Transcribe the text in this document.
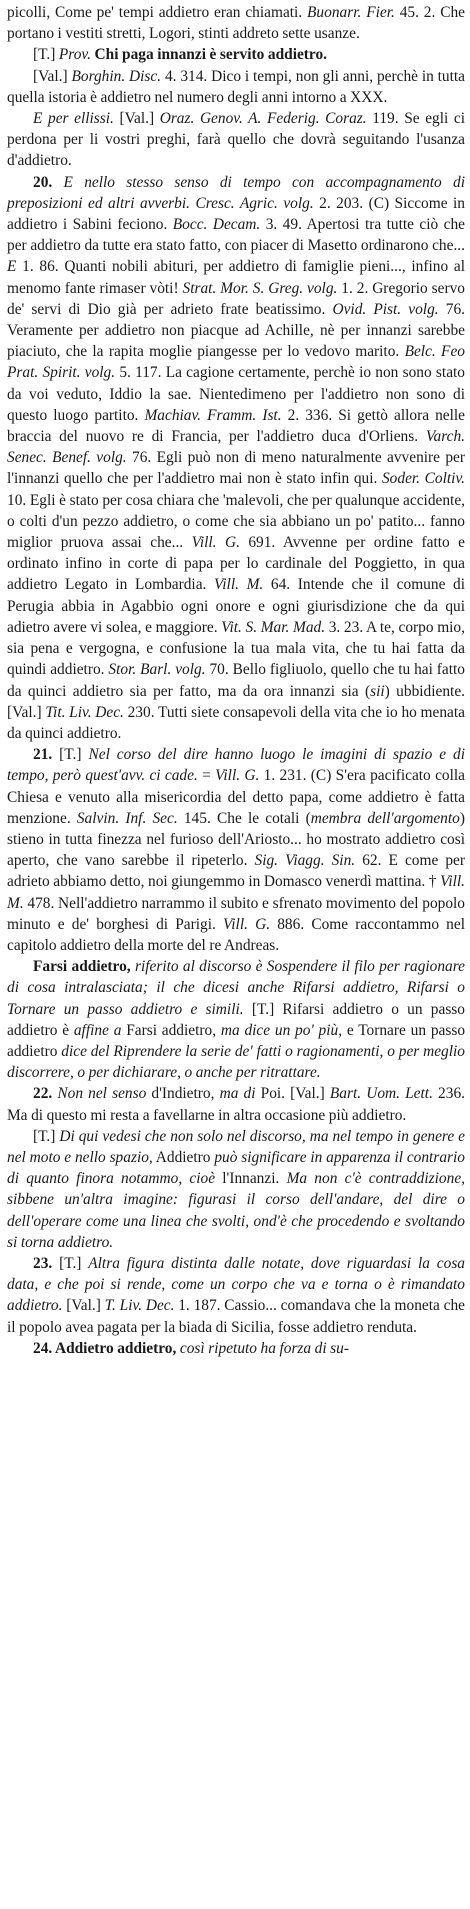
picolli, Come pe' tempi addietro eran chiamati. Buonarr. Fier. 45. 2. Che portano i vestiti stretti, Logori, stinti addreto sette usanze.

[T.] Prov. Chi paga innanzi è servito addietro.

[Val.] Borghin. Disc. 4. 314. Dico i tempi, non gli anni, perchè in tutta quella istoria è addietro nel numero degli anni intorno a XXX.

E per ellissi. [Val.] Oraz. Genov. A. Federig. Coraz. 119. Se egli ci perdona per li vostri preghi, farà quello che dovrà seguitando l'usanza d'addietro.

20. E nello stesso senso di tempo con accompagnamento di preposizioni ed altri avverbi. Cresc. Agric. volg. 2. 203. (C) Siccome in addietro i Sabini feciono. Bocc. Decam. 3. 49. Apertosi tra tutte ciò che per addietro da tutte era stato fatto, con piacer di Masetto ordinarono che... E 1. 86. Quanti nobili abituri, per addietro di famiglie pieni..., infino al menomo fante rimaser vòti! Strat. Mor. S. Greg. volg. 1. 2. Gregorio servo de' servi di Dio già per adrieto frate beatissimo. Ovid. Pist. volg. 76. Veramente per addietro non piacque ad Achille, nè per innanzi sarebbe piaciuto, che la rapita moglie piangesse per lo vedovo marito. Belc. Feo Prat. Spirit. volg. 5. 117. La cagione certamente, perchè io non sono stato da voi veduto, Iddio la sae. Nientedimeno per l'addietro non sono di questo luogo partito. Machiav. Framm. Ist. 2. 336. Si gettò allora nelle braccia del nuovo re di Francia, per l'addietro duca d'Orliens. Varch. Senec. Benef. volg. 76. Egli può non di meno naturalmente avvenire per l'innanzi quello che per l'addietro mai non è stato infin qui. Soder. Coltiv. 10. Egli è stato per cosa chiara che 'malevoli, che per qualunque accidente, o colti d'un pezzo addietro, o come che sia abbiano un po' patito... fanno miglior pruova assai che... Vill. G. 691. Avvenne per ordine fatto e ordinato infino in corte di papa per lo cardinale del Poggietto, in qua addietro Legato in Lombardia. Vill. M. 64. Intende che il comune di Perugia abbia in Agabbio ogni onore e ogni giurisdizione che da qui adietro avere vi solea, e maggiore. Vit. S. Mar. Mad. 3. 23. A te, corpo mio, sia pena e vergogna, e confusione la tua mala vita, che tu hai fatta da quindi addietro. Stor. Barl. volg. 70. Bello figliuolo, quello che tu hai fatto da quinci addietro sia per fatto, ma da ora innanzi sia (sii) ubbidiente. [Val.] Tit. Liv. Dec. 230. Tutti siete consapevoli della vita che io ho menata da quinci addietro.

21. [T.] Nel corso del dire hanno luogo le imagini di spazio e di tempo, però quest'avv. ci cade. = Vill. G. 1. 231. (C) S'era pacificato colla Chiesa e venuto alla misericordia del detto papa, come addietro è fatta menzione. Salvin. Inf. Sec. 145. Che le cotali (membra dell'argomento) stieno in tutta finezza nel furioso dell'Ariosto... ho mostrato addietro così aperto, che vano sarebbe il ripeterlo. Sig. Viagg. Sin. 62. E come per adrieto abbiamo detto, noi giungemmo in Domasco venerdì mattina. † Vill. M. 478. Nell'addietro narrammo il subito e sfrenato movimento del popolo minuto e de' borghesi di Parigi. Vill. G. 886. Come raccontammo nel capitolo addietro della morte del re Andreas.

Farsi addietro, riferito al discorso è Sospendere il filo per ragionare di cosa intralasciata; il che dicesi anche Rifarsi addietro, Rifarsi o Tornare un passo addietro e simili. [T.] Rifarsi addietro o un passo addietro è affine a Farsi addietro, ma dice un po' più, e Tornare un passo addietro dice del Riprendere la serie de' fatti o ragionamenti, o per meglio discorrere, o per dichiarare, o anche per ritrattare.

22. Non nel senso d'Indietro, ma di Poi. [Val.] Bart. Uom. Lett. 236. Ma di questo mi resta a favellarne in altra occasione più addietro.

[T.] Di qui vedesi che non solo nel discorso, ma nel tempo in genere e nel moto e nello spazio, Addietro può significare in apparenza il contrario di quanto finora notammo, cioè l'Innanzi. Ma non c'è contraddizione, sibbene un'altra imagine: figurasi il corso dell'andare, del dire o dell'operare come una linea che svolti, ond'è che procedendo e svoltando si torna addietro.

23. [T.] Altra figura distinta dalle notate, dove riguardasi la cosa data, e che poi si rende, come un corpo che va e torna o è rimandato addietro. [Val.] T. Liv. Dec. 1. 187. Cassio... comandava che la moneta che il popolo avea pagata per la biada di Sicilia, fosse addietro renduta.

24. Addietro addietro, così ripetuto ha forza di su-
